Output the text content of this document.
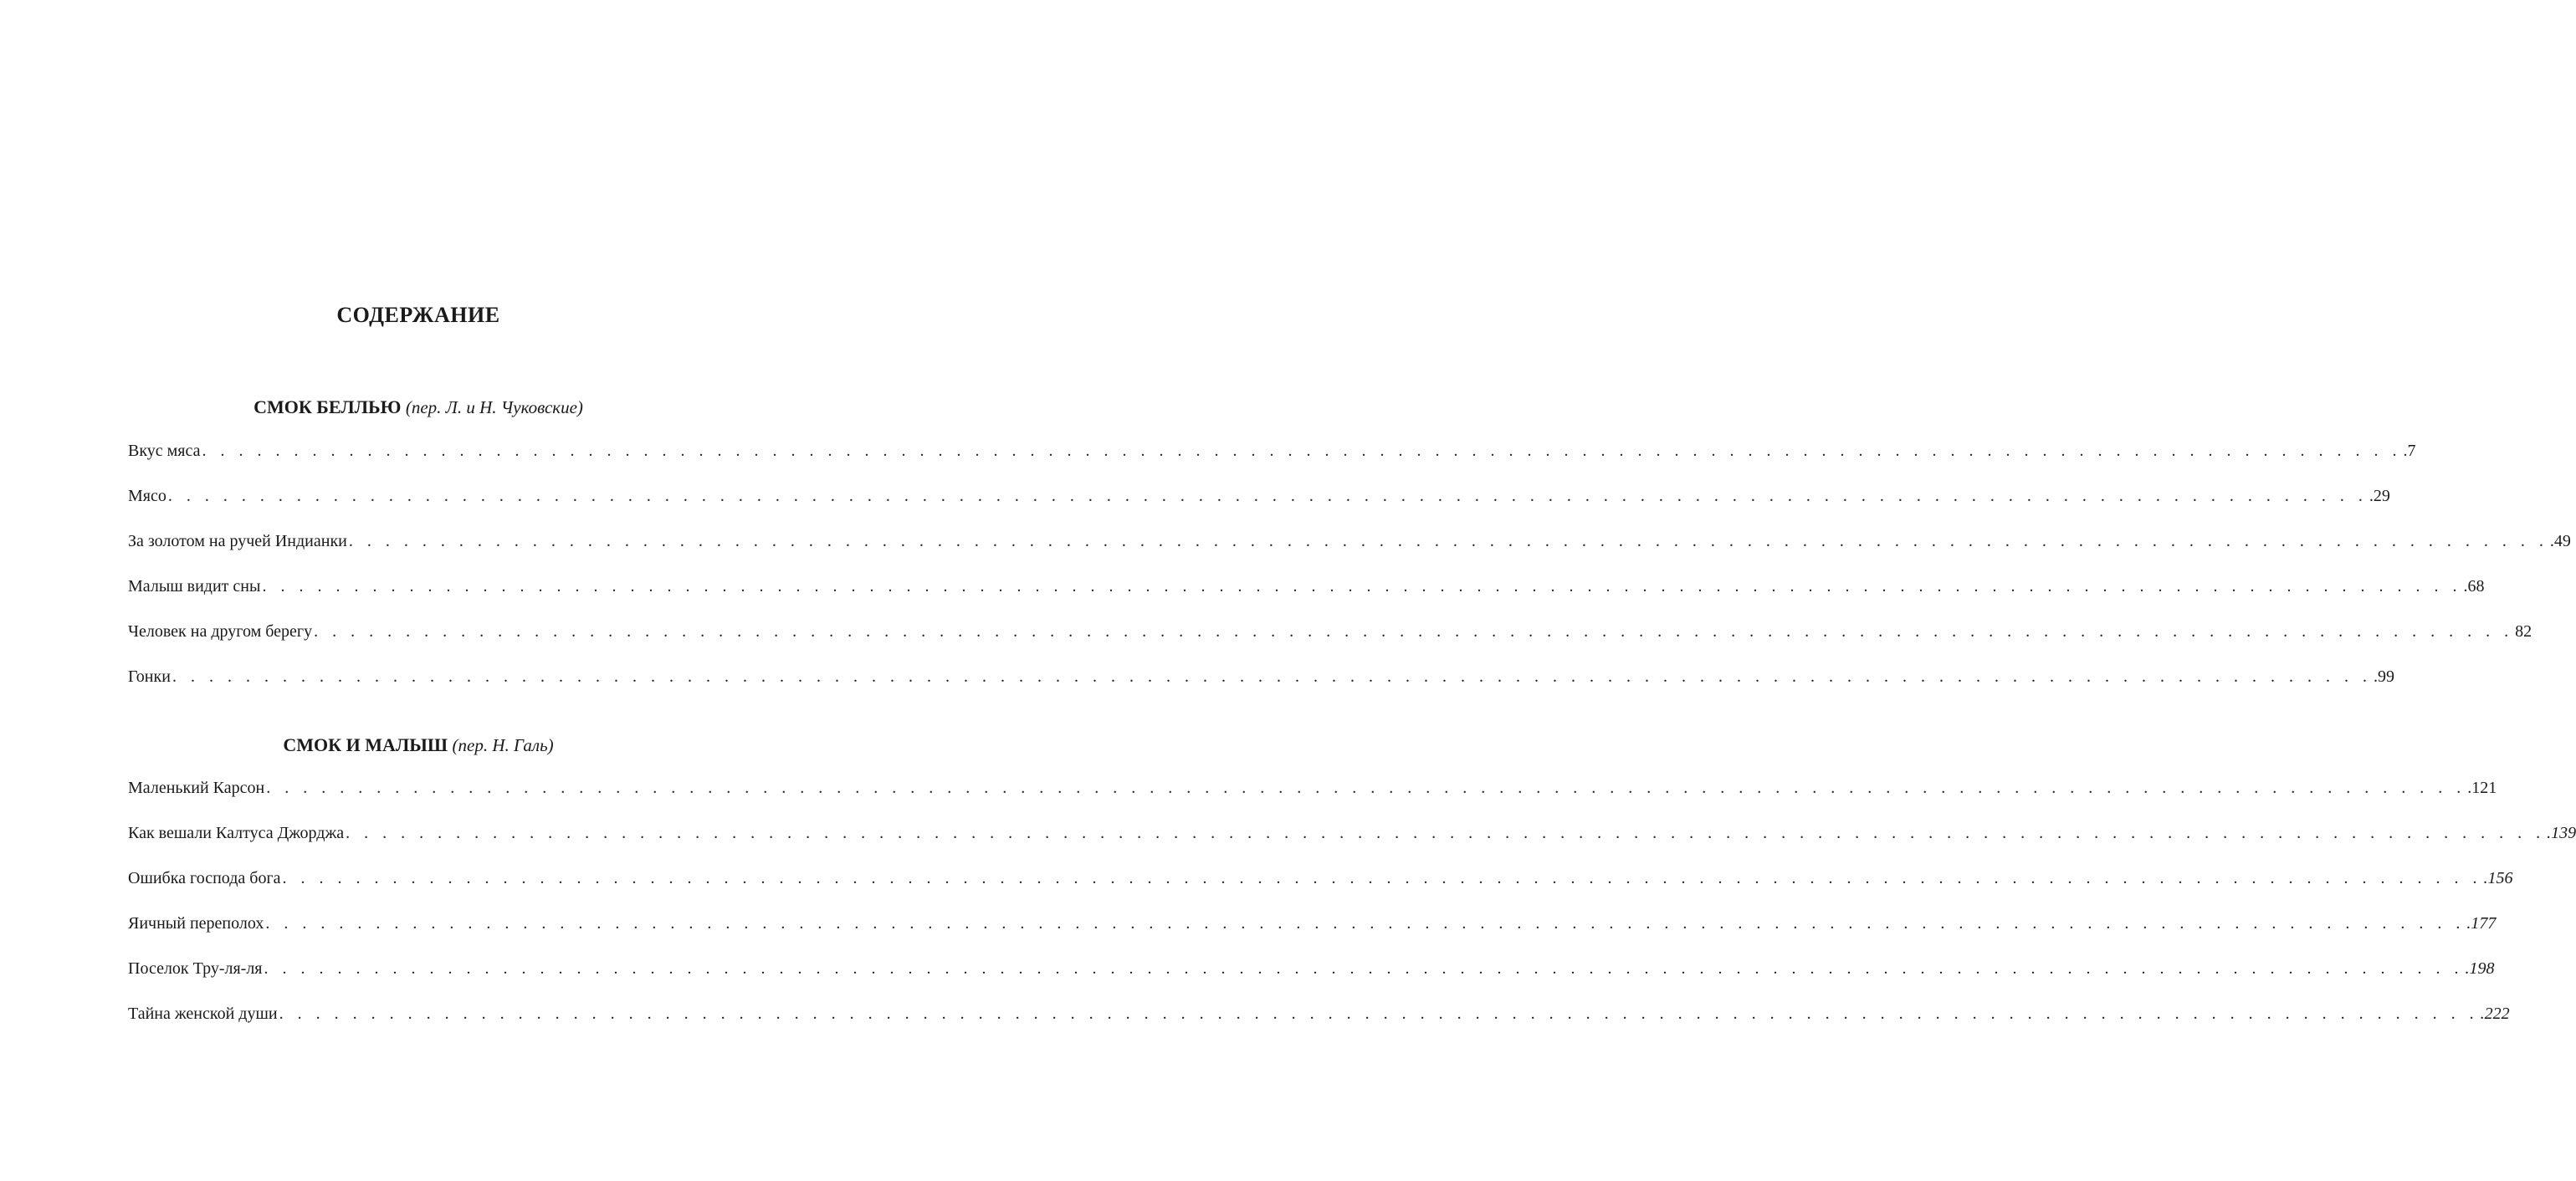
СОДЕРЖАНИЕ
СМОК БЕЛЛЬЮ (пер. Л. и Н. Чуковские)
Вкус мяса . . . . . . . . . . . . . . . . . . . . . . . . . . . . . . . . . . . . . . . . . . . . . . . . . . . . . . . . . . . . . . . . . . . . . . . . . . . . . . . . . . . . . . . . . . . . . . . . . . . . . . . . . . . . . . . . . . . . . . . . .7
Мясо . . . . . . . . . . . . . . . . . . . . . . . . . . . . . . . . . . . . . . . . . . . . . . . . . . . . . . . . . . . . . . . . . . . . . . . . . . . . . . . . . . . . . . . . . . . . . . . . . . . . . . . . . . . . . . . . . . . . . . . . .29
За золотом на ручей Индианки . . . . . . . . . . . . . . . . . . . . . . . . . . . . . . . . . . . . . . . . . . . . . . . . . . . . . . . . . . . . . . . . . . . . . . . . . . . . . . . . . . . . . . . . . . . . . . . . . . . . . . . . . . . . . . . . . . . . . . . . .49
Малыш видит сны . . . . . . . . . . . . . . . . . . . . . . . . . . . . . . . . . . . . . . . . . . . . . . . . . . . . . . . . . . . . . . . . . . . . . . . . . . . . . . . . . . . . . . . . . . . . . . . . . . . . . . . . . . . . . . . . . . . . . . . . .68
Человек на другом берегу . . . . . . . . . . . . . . . . . . . . . . . . . . . . . . . . . . . . . . . . . . . . . . . . . . . . . . . . . . . . . . . . . . . . . . . . . . . . . . . . . . . . . . . . . . . . . . . . . . . . . . . . . . . . . . . . . . . . . . . . 82
Гонки . . . . . . . . . . . . . . . . . . . . . . . . . . . . . . . . . . . . . . . . . . . . . . . . . . . . . . . . . . . . . . . . . . . . . . . . . . . . . . . . . . . . . . . . . . . . . . . . . . . . . . . . . . . . . . . . . . . . . . . . .99
СМОК И МАЛЫШ (пер. Н. Галь)
Маленький Карсон . . . . . . . . . . . . . . . . . . . . . . . . . . . . . . . . . . . . . . . . . . . . . . . . . . . . . . . . . . . . . . . . . . . . . . . . . . . . . . . . . . . . . . . . . . . . . . . . . . . . . . . . . . . . . . . . . . . . . . . . .121
Как вешали Калтуса Джорджа . . . . . . . . . . . . . . . . . . . . . . . . . . . . . . . . . . . . . . . . . . . . . . . . . . . . . . . . . . . . . . . . . . . . . . . . . . . . . . . . . . . . . . . . . . . . . . . . . . . . . . . . . . . . . . . . . . . . . . . . .139
Ошибка господа бога . . . . . . . . . . . . . . . . . . . . . . . . . . . . . . . . . . . . . . . . . . . . . . . . . . . . . . . . . . . . . . . . . . . . . . . . . . . . . . . . . . . . . . . . . . . . . . . . . . . . . . . . . . . . . . . . . . . . . . . . .156
Яичный переполох . . . . . . . . . . . . . . . . . . . . . . . . . . . . . . . . . . . . . . . . . . . . . . . . . . . . . . . . . . . . . . . . . . . . . . . . . . . . . . . . . . . . . . . . . . . . . . . . . . . . . . . . . . . . . . . . . . . . . . . . .177
Поселок Тру-ля-ля . . . . . . . . . . . . . . . . . . . . . . . . . . . . . . . . . . . . . . . . . . . . . . . . . . . . . . . . . . . . . . . . . . . . . . . . . . . . . . . . . . . . . . . . . . . . . . . . . . . . . . . . . . . . . . . . . . . . . . . . .198
Тайна женской души . . . . . . . . . . . . . . . . . . . . . . . . . . . . . . . . . . . . . . . . . . . . . . . . . . . . . . . . . . . . . . . . . . . . . . . . . . . . . . . . . . . . . . . . . . . . . . . . . . . . . . . . . . . . . . . . . . . . . . . . .222
